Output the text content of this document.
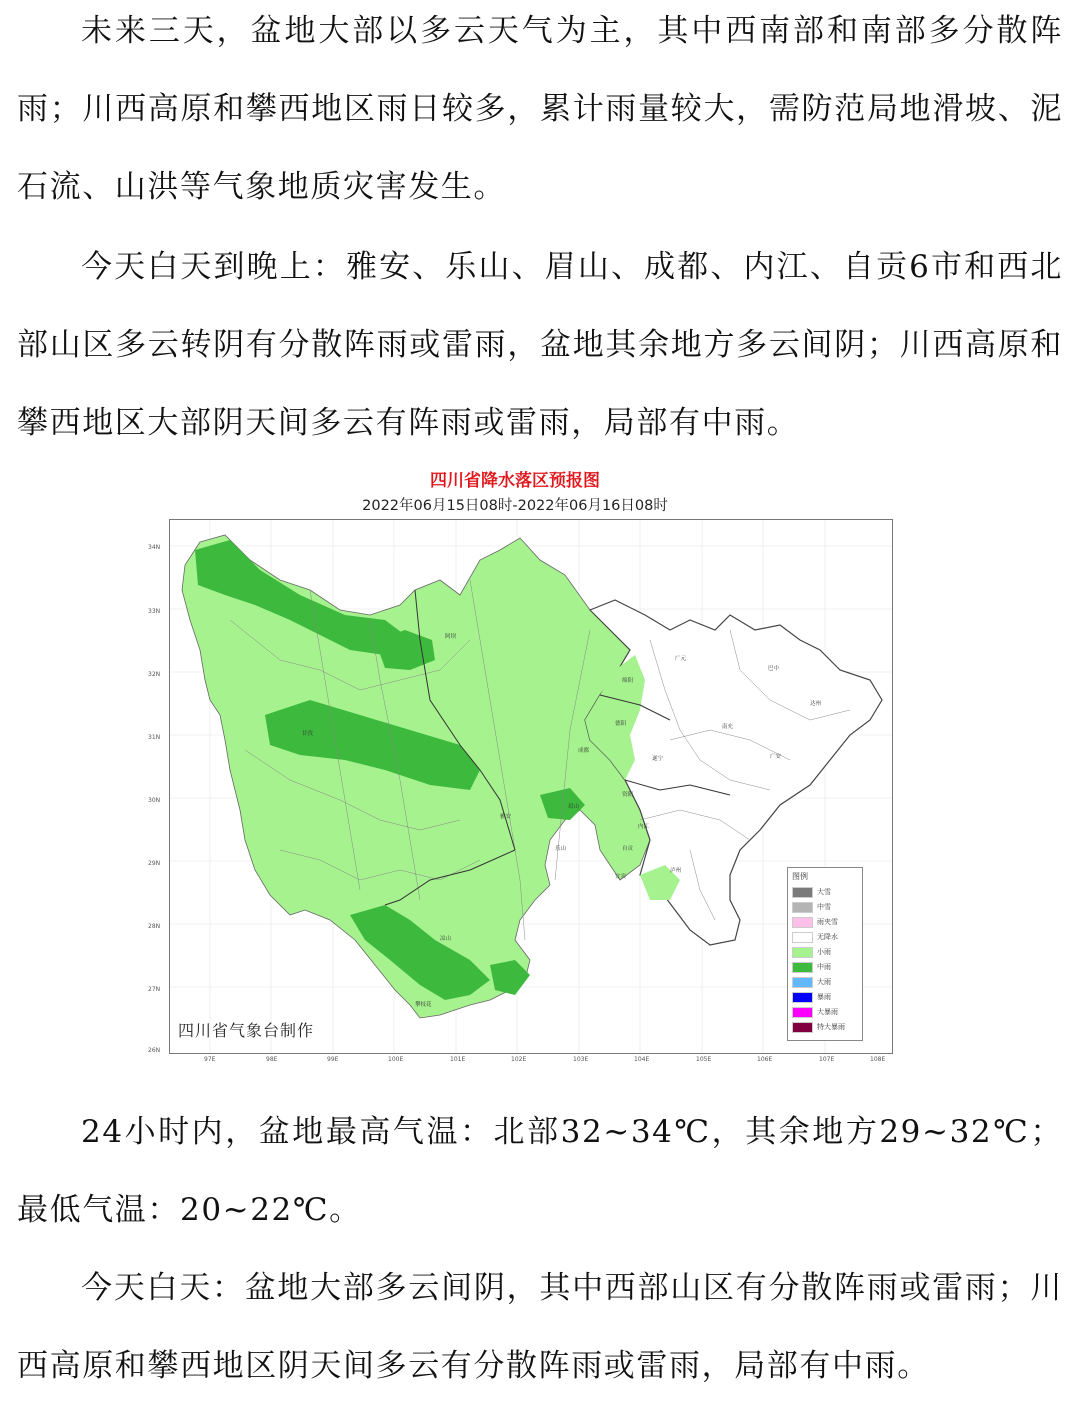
未来三天，盆地大部以多云天气为主，其中西南部和南部多分散阵雨；川西高原和攀西地区雨日较多，累计雨量较大，需防范局地滑坡、泥石流、山洪等气象地质灾害发生。

今天白天到晚上：雅安、乐山、眉山、成都、内江、自贡6市和西北部山区多云转阴有分散阵雨或雷雨，盆地其余地方多云间阴；川西高原和攀西地区大部阴天间多云有阵雨或雷雨，局部有中雨。

四川省降水落区预报图
2022年06月15日08时-2022年06月16日08时
34N
33N
32N
31N
30N
29N
28N
27N
26N
97E	98E	99E	100E	101E	102E	103E	104E	105E	106E	107E	108E
阿坝
广元
巴中
达州
绵阳
南充
德阳
成都
遂宁	广安
甘孜
雅安
眉山
资阳
内江
乐山	自贡
宜宾
泸州
凉山
攀枝花
四川省气象台制作
图例
大雪
中雪
雨夹雪
无降水
小雨
中雨
大雨
暴雨
大暴雨
特大暴雨

24小时内，盆地最高气温：北部32~34℃，其余地方29~32℃；最低气温：20~22℃。

今天白天：盆地大部多云间阴，其中西部山区有分散阵雨或雷雨；川西高原和攀西地区阴天间多云有分散阵雨或雷雨，局部有中雨。
